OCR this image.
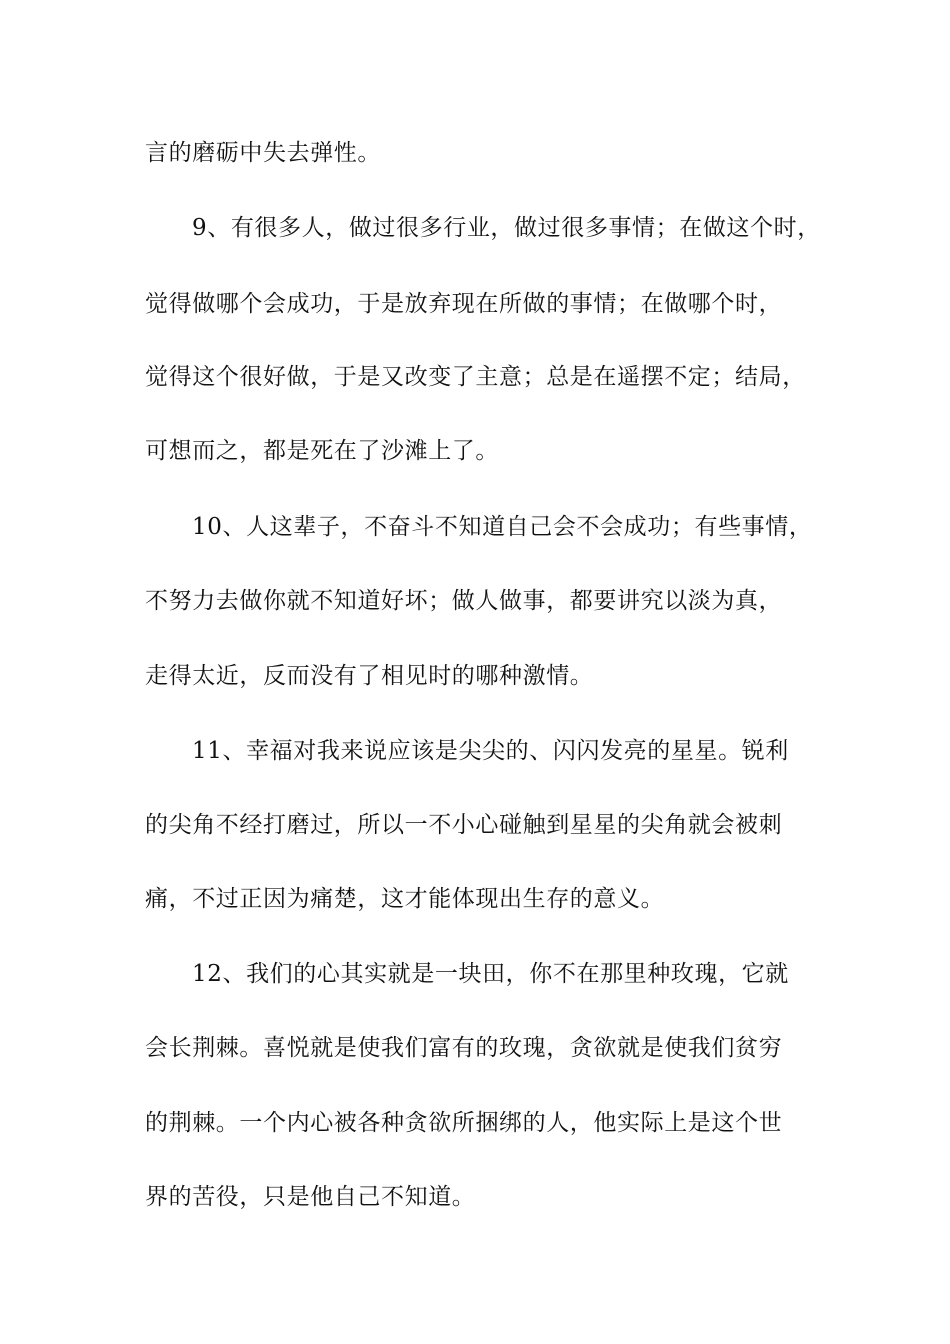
言的磨砺中失去弹性。

9、有很多人，做过很多行业，做过很多事情；在做这个时，

觉得做哪个会成功，于是放弃现在所做的事情；在做哪个时，

觉得这个很好做，于是又改变了主意；总是在遥摆不定；结局，

可想而之，都是死在了沙滩上了。

10、人这辈子，不奋斗不知道自己会不会成功；有些事情，

不努力去做你就不知道好坏；做人做事，都要讲究以淡为真，

走得太近，反而没有了相见时的哪种激情。

11、幸福对我来说应该是尖尖的、闪闪发亮的星星。锐利

的尖角不经打磨过，所以一不小心碰触到星星的尖角就会被刺

痛，不过正因为痛楚，这才能体现出生存的意义。

12、我们的心其实就是一块田，你不在那里种玫瑰，它就

会长荆棘。喜悦就是使我们富有的玫瑰，贪欲就是使我们贫穷

的荆棘。一个内心被各种贪欲所捆绑的人，他实际上是这个世

界的苦役，只是他自己不知道。
